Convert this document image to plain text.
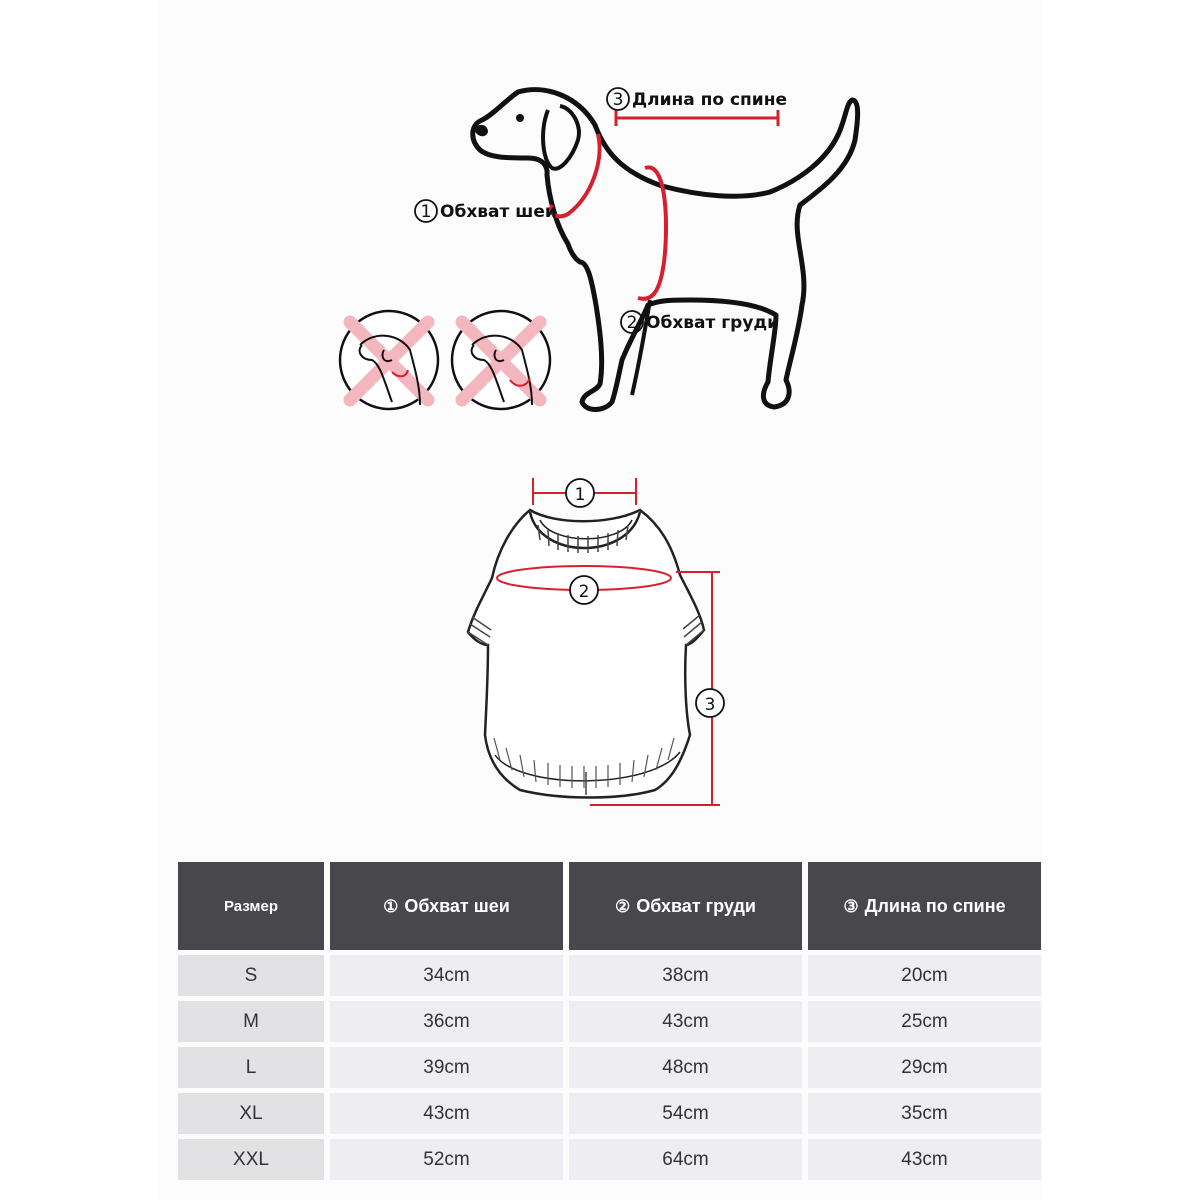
3 Длина по спине
1 Обхват шеи
2 Обхват груди
1
2
3
Размер	① Обхват шеи	② Обхват груди	③ Длина по спине
S	34cm	38cm	20cm
M	36cm	43cm	25cm
L	39cm	48cm	29cm
XL	43cm	54cm	35cm
XXL	52cm	64cm	43cm
